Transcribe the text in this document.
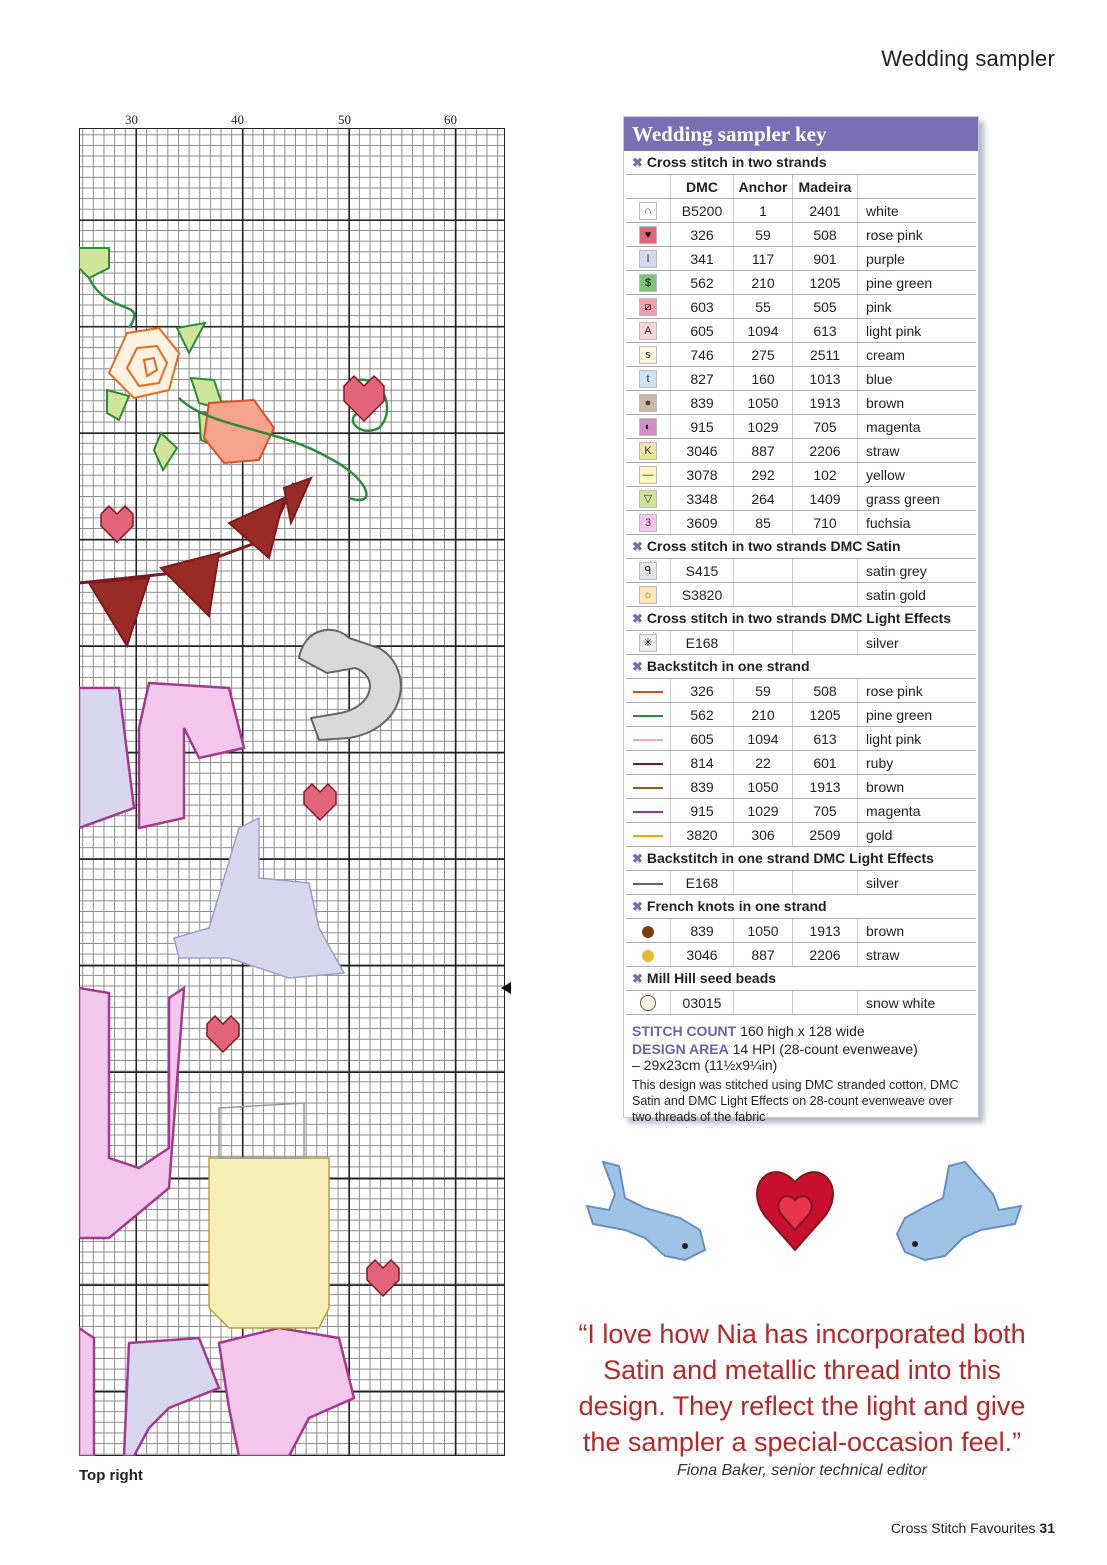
Wedding sampler
30	40	50	60
Top right
Wedding sampler key
✖ Cross stitch in two strands				
	DMC	Anchor	Madeira	
∩	B5200	1	2401	white
♥	326	59	508	rose pink
I	341	117	901	purple
$	562	210	1205	pine green
⧄	603	55	505	pink
A	605	1094	613	light pink
s	746	275	2511	cream
t	827	160	1013	blue
●	839	1050	1913	brown
◐	915	1029	705	magenta
K	3046	887	2206	straw
—	3078	292	102	yellow
▽	3348	264	1409	grass green
3	3609	85	710	fuchsia
✖ Cross stitch in two strands DMC Satin				
ᑫ	S415			satin grey
☼	S3820			satin gold
✖ Cross stitch in two strands DMC Light Effects				
✳	E168			silver
✖ Backstitch in one strand				
	326	59	508	rose pink
	562	210	1205	pine green
	605	1094	613	light pink
	814	22	601	ruby
	839	1050	1913	brown
	915	1029	705	magenta
	3820	306	2509	gold
✖ Backstitch in one strand DMC Light Effects				
	E168			silver
✖ French knots in one strand				
	839	1050	1913	brown
	3046	887	2206	straw
✖ Mill Hill seed beads				
	03015			snow white
STITCH COUNT 160 high x 128 wide
DESIGN AREA 14 HPI (28-count evenweave)
– 29x23cm (11½x9¼in)
This design was stitched using DMC stranded cotton, DMC Satin and DMC Light Effects on 28-count evenweave over two threads of the fabric
“I love how Nia has incorporated both Satin and metallic thread into this design. They reflect the light and give the sampler a special-occasion feel.”
Fiona Baker, senior technical editor
Cross Stitch Favourites 31
